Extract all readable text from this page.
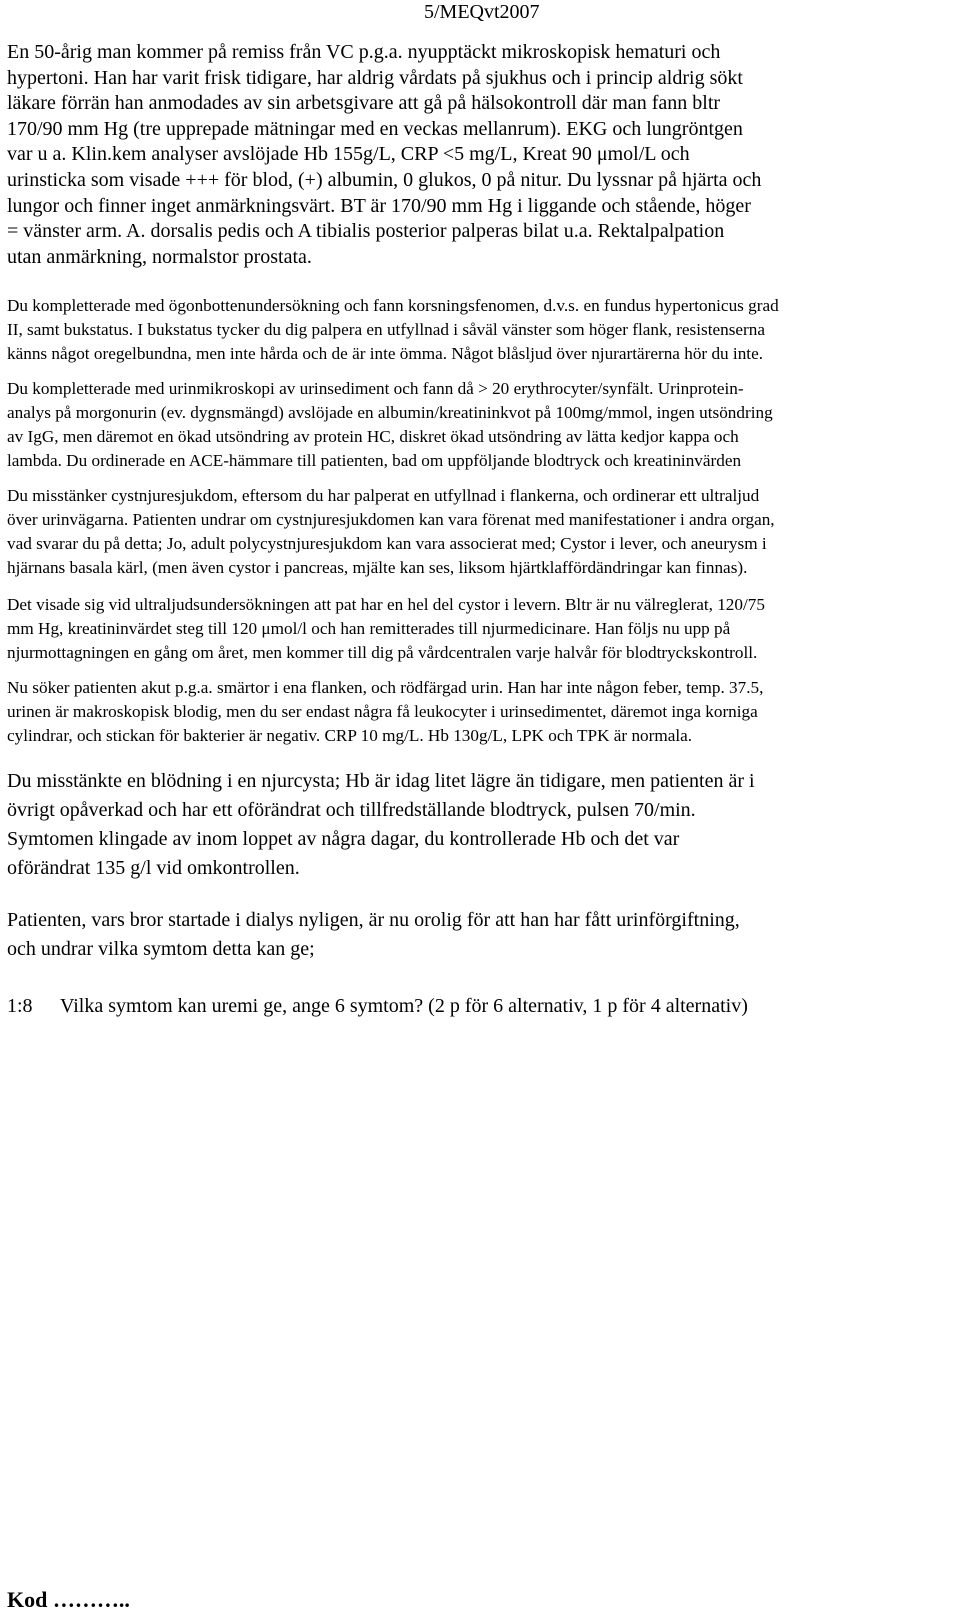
5/MEQvt2007
En 50-årig man kommer på remiss från VC p.g.a. nyupptäckt mikroskopisk hematuri och
hypertoni. Han har varit frisk tidigare, har aldrig vårdats på sjukhus och i princip aldrig sökt
läkare förrän han anmodades av sin arbetsgivare att gå på hälsokontroll där man fann bltr
170/90 mm Hg (tre upprepade mätningar med en veckas mellanrum). EKG och lungröntgen
var u a. Klin.kem analyser avslöjade Hb 155g/L, CRP <5 mg/L, Kreat 90 μmol/L och
urinsticka som visade +++ för blod, (+) albumin, 0 glukos, 0 på nitur. Du lyssnar på hjärta och
lungor och finner inget anmärkningsvärt. BT är 170/90 mm Hg i liggande och stående, höger
= vänster arm. A. dorsalis pedis och A tibialis posterior palperas bilat u.a. Rektalpalpation
utan anmärkning, normalstor prostata.
Du kompletterade med ögonbottenundersökning och fann korsningsfenomen, d.v.s. en fundus hypertonicus grad
II, samt bukstatus. I bukstatus tycker du dig palpera en utfyllnad i såväl vänster som höger flank, resistenserna
känns något oregelbundna, men inte hårda och de är inte ömma. Något blåsljud över njurartärerna hör du inte.
Du kompletterade med urinmikroskopi av urinsediment och fann då > 20 erythrocyter/synfält. Urinprotein-
analys på morgonurin (ev. dygnsmängd) avslöjade en albumin/kreatininkvot på 100mg/mmol, ingen utsöndring
av IgG, men däremot en ökad utsöndring av protein HC, diskret ökad utsöndring av lätta kedjor kappa och
lambda. Du ordinerade en ACE-hämmare till patienten, bad om uppföljande blodtryck och kreatininvärden
Du misstänker cystnjuresjukdom, eftersom du har palperat en utfyllnad i flankerna, och ordinerar ett ultraljud
över urinvägarna. Patienten undrar om cystnjuresjukdomen kan vara förenat med manifestationer i andra organ,
vad svarar du på detta; Jo, adult polycystnjuresjukdom kan vara associerat med; Cystor i lever, och aneurysm i
hjärnans basala kärl, (men även cystor i pancreas, mjälte kan ses, liksom hjärtklaffördändringar kan finnas).
Det visade sig vid ultraljudsundersökningen att pat har en hel del cystor i levern. Bltr är nu välreglerat, 120/75
mm Hg, kreatininvärdet steg till 120 μmol/l och han remitterades till njurmedicinare. Han följs nu upp på
njurmottagningen en gång om året, men kommer till dig på vårdcentralen varje halvår för blodtryckskontroll.
Nu söker patienten akut p.g.a. smärtor i ena flanken, och rödfärgad urin. Han har inte någon feber, temp. 37.5,
urinen är makroskopisk blodig, men du ser endast några få leukocyter i urinsedimentet, däremot inga korniga
cylindrar, och stickan för bakterier är negativ. CRP 10 mg/L. Hb 130g/L, LPK och TPK är normala.
Du misstänkte en blödning i en njurcysta; Hb är idag litet lägre än tidigare, men patienten är i
övrigt opåverkad och har ett oförändrat och tillfredställande blodtryck, pulsen 70/min.
Symtomen klingade av inom loppet av några dagar, du kontrollerade Hb och det var
oförändrat 135 g/l vid omkontrollen.
Patienten, vars bror startade i dialys nyligen, är nu orolig för att han har fått urinförgiftning,
och undrar vilka symtom detta kan ge;
1:8 Vilka symtom kan uremi ge, ange 6 symtom? (2 p för 6 alternativ, 1 p för 4 alternativ)
Kod ………..
